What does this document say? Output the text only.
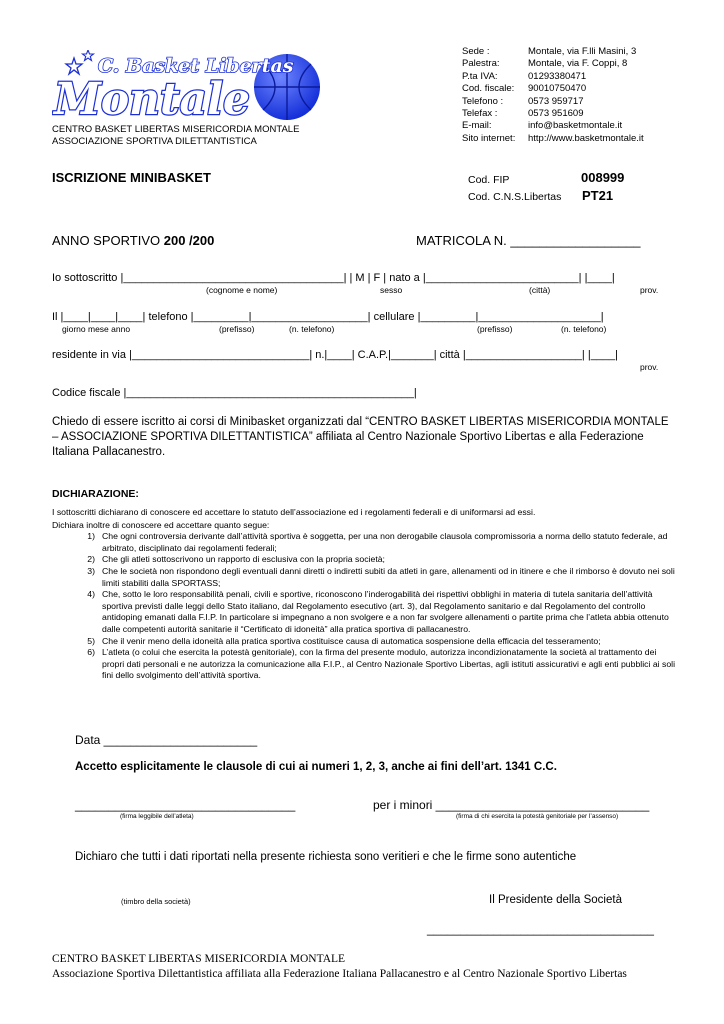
C. Basket Libertas
Montale
CENTRO BASKET LIBERTAS MISERICORDIA MONTALE
ASSOCIAZIONE SPORTIVA DILETTANTISTICA
Sede :	Montale, via F.lli Masini, 3
Palestra:	Montale, via F. Coppi, 8
P.ta IVA:	01293380471
Cod. fiscale:	90010750470
Telefono :	0573 959717
Telefax :	0573 951609
E-mail:	info@basketmontale.it
Sito internet:	http://www.basketmontale.it
ISCRIZIONE MINIBASKET	Cod. FIP	008999
Cod. C.N.S.Libertas PT21
ANNO SPORTIVO 200 /200	MATRICOLA N. __________________
Io sottoscritto |____________________________________| | M | F | nato a |_________________________| |____|
(cognome e nome)	sesso	(città)	prov.
Il |____|____|____| telefono |_________|___________________| cellulare |_________|____________________|
giorno mese anno	(prefisso)	(n. telefono)	(prefisso)	(n. telefono)
residente in via |_____________________________| n.|____| C.A.P.|_______| città |___________________| |____|
prov.
Codice fiscale |_______________________________________________|
Chiedo di essere iscritto ai corsi di Minibasket organizzati dal “CENTRO BASKET LIBERTAS MISERICORDIA MONTALE – ASSOCIAZIONE SPORTIVA DILETTANTISTICA” affiliata al Centro Nazionale Sportivo Libertas e alla Federazione Italiana Pallacanestro.
DICHIARAZIONE:
I sottoscritti dichiarano di conoscere ed accettare lo statuto dell’associazione ed i regolamenti federali e di uniformarsi ad essi.
Dichiara inoltre di conoscere ed accettare quanto segue:
1) Che ogni controversia derivante dall’attività sportiva è soggetta, per una non derogabile clausola compromissoria a norma dello statuto federale, ad arbitrato, disciplinato dai regolamenti federali;
2) Che gli atleti sottoscrivono un rapporto di esclusiva con la propria società;
3) Che le società non rispondono degli eventuali danni diretti o indiretti subiti da atleti in gare, allenamenti od in itinere e che il rimborso è dovuto nei soli limiti stabiliti dalla SPORTASS;
4) Che, sotto le loro responsabilità penali, civili e sportive, riconoscono l’inderogabilità dei rispettivi obblighi in materia di tutela sanitaria dell’attività sportiva previsti dalle leggi dello Stato italiano, dal Regolamento esecutivo (art. 3), dal Regolamento sanitario e dal Regolamento del controllo antidoping emanati dalla F.I.P. In particolare si impegnano a non svolgere e a non far svolgere allenamenti o partite prima che l’atleta abbia ottenuto dalle competenti autorità sanitarie il “Certificato di idoneità” alla pratica sportiva di pallacanestro.
5) Che il venir meno della idoneità alla pratica sportiva costituisce causa di automatica sospensione della efficacia del tesseramento;
6) L’atleta (o colui che esercita la potestà genitoriale), con la firma del presente modulo, autorizza incondizionatamente la società al trattamento dei propri dati personali e ne autorizza la comunicazione alla F.I.P., al Centro Nazionale Sportivo Libertas, agli istituti assicurativi e agli enti pubblici ai soli fini dello svolgimento dell’attività sportiva.
Data _______________________
Accetto esplicitamente le clausole di cui ai numeri 1, 2, 3, anche ai fini dell’art. 1341 C.C.
_________________________________
(firma leggibile dell’atleta)
per i minori ________________________________
(firma di chi esercita la potestà genitoriale per l’assenso)
Dichiaro che tutti i dati riportati nella presente richiesta sono veritieri e che le firme sono autentiche
(timbro della società)	Il Presidente della Società
__________________________________
CENTRO BASKET LIBERTAS MISERICORDIA MONTALE
Associazione Sportiva Dilettantistica affiliata alla Federazione Italiana Pallacanestro e al Centro Nazionale Sportivo Libertas
